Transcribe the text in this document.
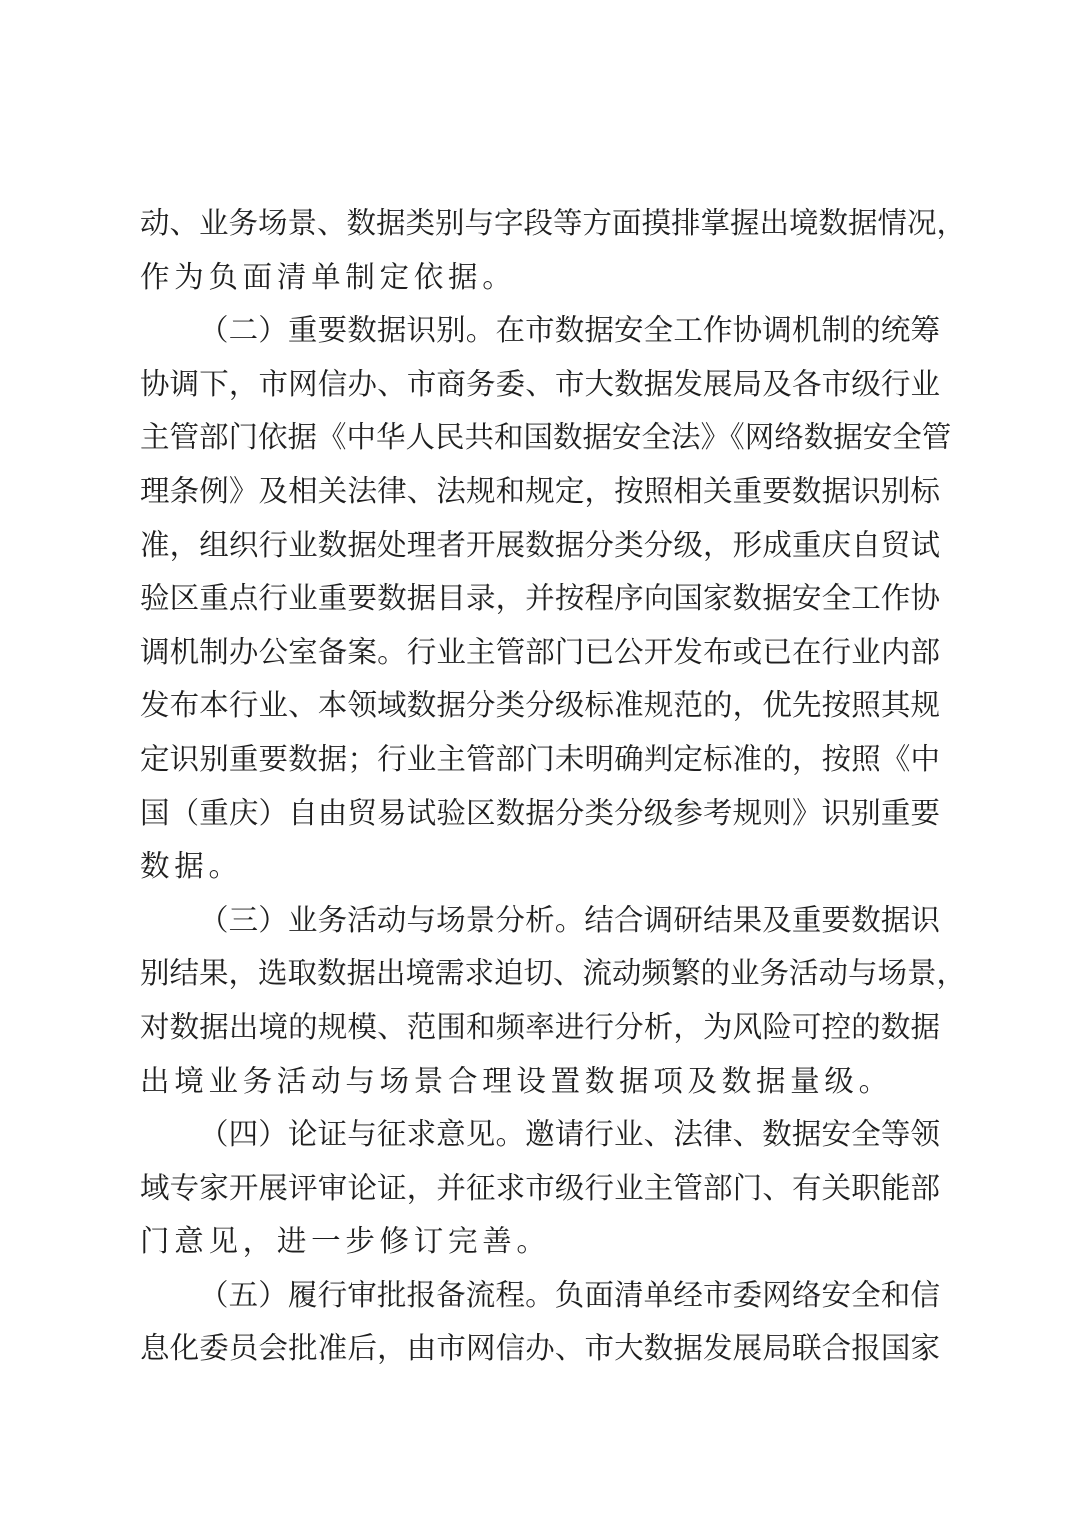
动、业务场景、数据类别与字段等方面摸排掌握出境数据情况，
作为负面清单制定依据。
（二）重要数据识别。在市数据安全工作协调机制的统筹
协调下，市网信办、市商务委、市大数据发展局及各市级行业
主管部门依据《中华人民共和国数据安全法》《网络数据安全管
理条例》及相关法律、法规和规定，按照相关重要数据识别标
准，组织行业数据处理者开展数据分类分级，形成重庆自贸试
验区重点行业重要数据目录，并按程序向国家数据安全工作协
调机制办公室备案。行业主管部门已公开发布或已在行业内部
发布本行业、本领域数据分类分级标准规范的，优先按照其规
定识别重要数据；行业主管部门未明确判定标准的，按照《中
国（重庆）自由贸易试验区数据分类分级参考规则》识别重要
数据。
（三）业务活动与场景分析。结合调研结果及重要数据识
别结果，选取数据出境需求迫切、流动频繁的业务活动与场景，
对数据出境的规模、范围和频率进行分析，为风险可控的数据
出境业务活动与场景合理设置数据项及数据量级。
（四）论证与征求意见。邀请行业、法律、数据安全等领
域专家开展评审论证，并征求市级行业主管部门、有关职能部
门意见，进一步修订完善。
（五）履行审批报备流程。负面清单经市委网络安全和信
息化委员会批准后，由市网信办、市大数据发展局联合报国家
